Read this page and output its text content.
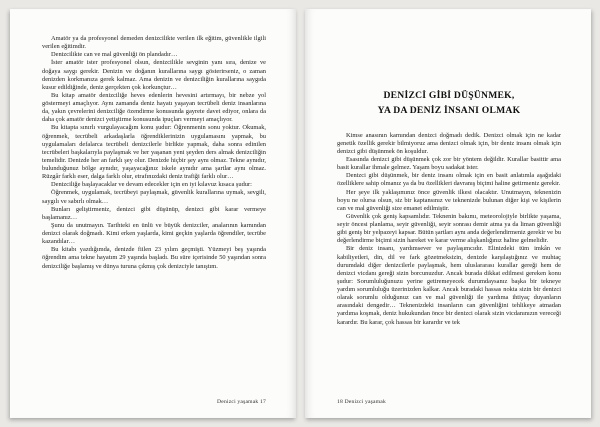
Amatör ya da profesyonel demeden denizcilikte verilen ilk eğitim, güvenlikle ilgili verilen eğitimdir.

Denizcilikte can ve mal güvenliği ön plandadır…

İster amatör ister profesyonel olsun, denizcilikle sevginin yanı sıra, denize ve doğaya saygı gerekir. Denizin ve doğanın kurallarına saygı gösterirseniz, o zaman denizden korkmanıza gerek kalmaz. Ama denizin ve denizciliğin kurallarına saygıda kusur edildiğinde, deniz gerçekten çok korkunçtur…

Bu kitap amatör denizciliğe heves edenlerin hevesini artırmayı, bir nebze yol göstermeyi amaçlıyor. Aynı zamanda deniz hayatı yaşayan tecrübeli deniz insanlarına da, yakın çevrelerini denizciliğe özendirme konusunda gayrete davet ediyor, onlara da daha çok amatör denizci yetiştirme konusunda ipuçları vermeyi amaçlıyor.

Bu kitapta sınırlı vurgulayacağım konu şudur: Öğrenmenin sonu yoktur. Okumak, öğrenmek, tecrübeli arkadaşlarla öğrendiklerinizin uygulamasını yapmak, bu uygulamaları defalarca tecrübeli denizcilerle birlikte yapmak, daha sonra edinilen tecrübeleri başkalarıyla paylaşmak ve her yaşanan yeni şeyden ders almak denizciliğin temelidir. Denizde her an farklı şey olur. Denizde hiçbir şey aynı olmaz. Tekne aynıdır, bulunduğunuz bölge aynıdır, yaşayacağınız iskele aynıdır ama şartlar aynı olmaz. Rüzgâr farklı eser, dalga farklı olur, etrafınızdaki deniz trafiği farklı olur…

Denizciliğe başlayacaklar ve devam edecekler için en iyi kılavuz kısaca şudur:

Öğrenmek, uygulamak, tecrübeyi paylaşmak, güvenlik kurallarına uymak, sevgili, saygılı ve sabırlı olmak…

Bunları geliştirmeniz, denizci gibi düşünüp, denizci gibi karar vermeye başlamanız…

Şunu da unutmayın. Tarihteki en ünlü ve büyük denizciler, analarının karnından denizci olarak doğmadı. Kimi erken yaşlarda, kimi geçkin yaşlarda öğrendiler, tecrübe kazandılar…

Bu kitabı yazdığımda, denizde fiilen 23 yılım geçmişti. Yüzmeyi beş yaşında öğrendim ama tekne hayatım 29 yaşında başladı. Bu süre içerisinde 50 yaşından sonra denizciliğe başlamış ve dünya turuna çıkmış çok denizciyle tanıştım.

Denizci yaşamak 17
DENİZCİ GİBİ DÜŞÜNMEK,
YA DA DENİZ İNSANI OLMAK

Kimse anasının karnından denizci doğmadı dedik. Denizci olmak için ne kadar genetik özellik gerekir bilmiyoruz ama denizci olmak için, bir deniz insanı olmak için denizci gibi düşünmek ön koşuldur.

Esasında denizci gibi düşünmek çok zor bir yöntem değildir. Kurallar basittir ama basit kurallar ihmale gelmez. Yaşam boyu sadakat ister.

Denizci gibi düşünmek, bir deniz insanı olmak için en basit anlatımla aşağıdaki özelliklere sahip olmanız ya da bu özellikleri davranış biçimi haline getirmeniz gerekir.

Her şeye ilk yaklaşımınız önce güvenlik ilkesi olacaktır. Unutmayın, teknenizin boyu ne olursa olsun, siz bir kaptansınız ve teknenizde bulunan diğer kişi ve kişilerin can ve mal güvenliği size emanet edilmiştir.

Güvenlik çok geniş kapsamlıdır. Teknenin bakımı, meteorolojiyle birlikte yaşama, seyir öncesi planlama, seyir güvenliği, seyir sonrası demir atma ya da liman güvenliği gibi geniş bir yelpazeyi kapsar. Bütün şartları aynı anda değerlendirmeniz gerekir ve bu değerlendirme biçimi sizin hareket ve karar verme alışkanlığınız haline gelmelidir.

Bir deniz insanı, yardımsever ve paylaşımcıdır. Elinizdeki tüm imkân ve kabiliyetleri, din, dil ve fark gözetmeksizin, denizde karşılaştığınız ve muhtaç durumdaki diğer denizcilerle paylaşmak, hem uluslararası kurallar gereği hem de denizci vicdanı gereği sizin borcunuzdur. Ancak burada dikkat edilmesi gereken konu şudur: Sorumluluğunuzu yerine getiremeyecek durumdaysanız başka bir tekneye yardım sorumluluğu üzerinizden kalkar. Ancak buradaki hassas nokta sizin bir denizci olarak sorumlu olduğunuz can ve mal güvenliği ile yardıma ihtiyaç duyanların arasındaki dengedir… Teknenizdeki insanların can güvenliğini tehlikeye atmadan yardıma koşmak, deniz hukukundan önce bir denizci olarak sizin vicdanınızın vereceği karardır. Bu karar, çok hassas bir karardır ve tek

18 Denizci yaşamak
